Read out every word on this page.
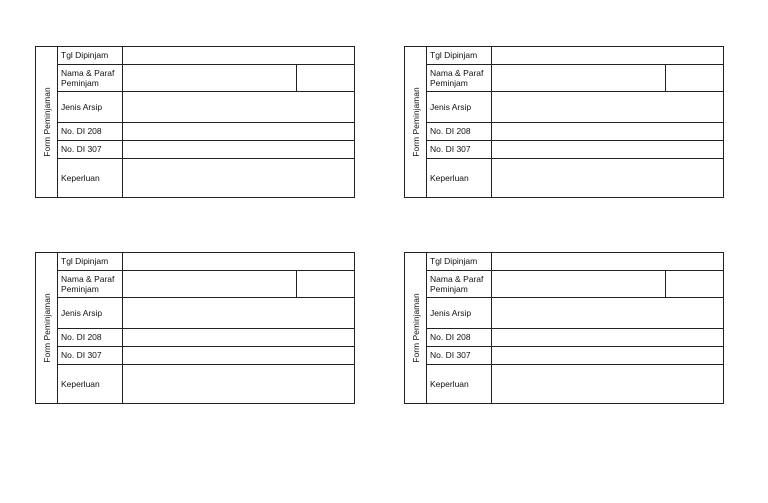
Form Peminjaman
Tgl Dipinjam
Nama & Paraf Peminjam
Jenis Arsip
No. DI 208
No. DI 307
Keperluan
Form Peminjaman
Tgl Dipinjam
Nama & Paraf Peminjam
Jenis Arsip
No. DI 208
No. DI 307
Keperluan
Form Peminjaman
Tgl Dipinjam
Nama & Paraf Peminjam
Jenis Arsip
No. DI 208
No. DI 307
Keperluan
Form Peminjaman
Tgl Dipinjam
Nama & Paraf Peminjam
Jenis Arsip
No. DI 208
No. DI 307
Keperluan
